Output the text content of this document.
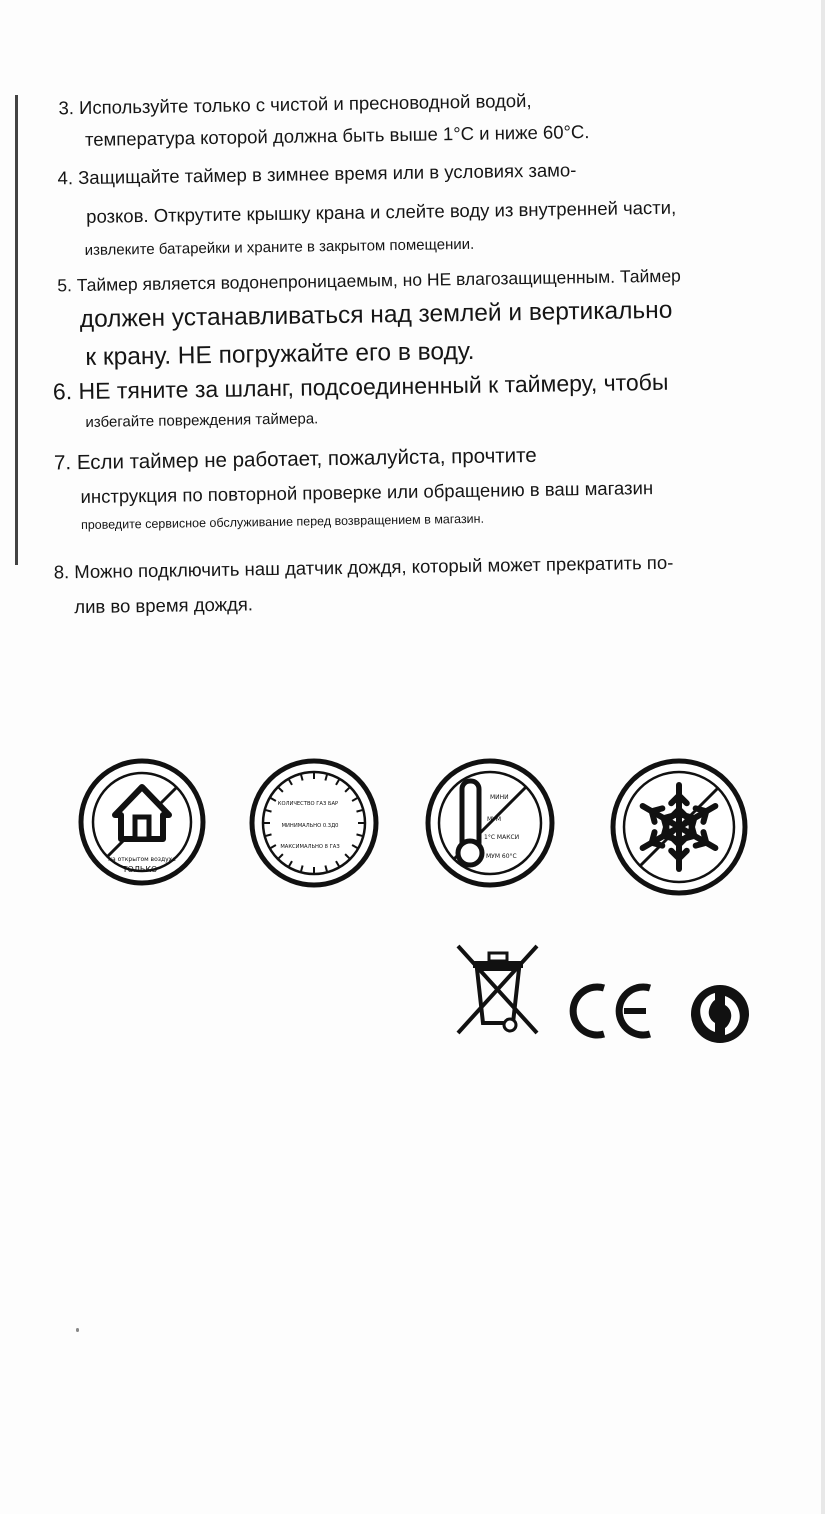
3. Используйте только с чистой и пресноводной водой,
температура которой должна быть выше 1°C и ниже 60°C.
4. Защищайте таймер в зимнее время или в условиях замо-
розков. Открутите крышку крана и слейте воду из внутренней части,
извлеките батарейки и храните в закрытом помещении.
5. Таймер является водонепроницаемым, но НЕ влагозащищенным. Таймер
должен устанавливаться над землей и вертикально
к крану. НЕ погружайте его в воду.
6. НЕ тяните за шланг, подсоединенный к таймеру, чтобы
избегайте повреждения таймера.
7. Если таймер не работает, пожалуйста, прочтите
инструкция по повторной проверке или обращению в ваш магазин
проведите сервисное обслуживание перед возвращением в магазин.
8. Можно подключить наш датчик дождя, который может прекратить по-
лив во время дождя.
на открытом воздухе
ТОЛЬКО
КОЛИЧЕСТВО ГАЗ БАР
МИНИМАЛЬНО 0.3Д0
МАКСИМАЛЬНО 8 ГАЗ
МИНИ
МУМ
1°С МАКСИ
МУМ 60°С
